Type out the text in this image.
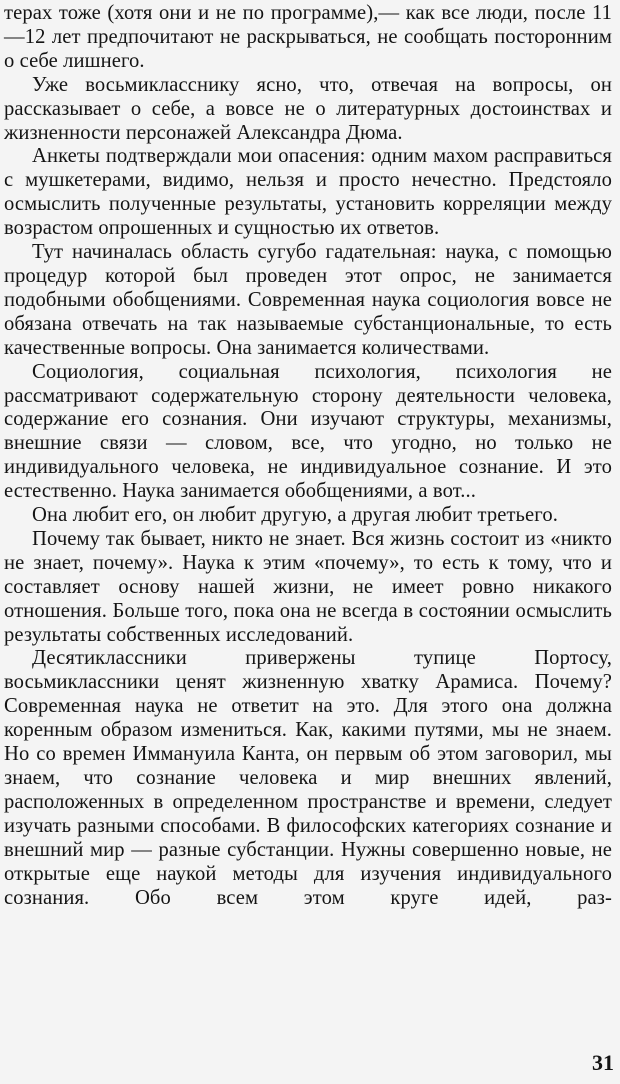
терах тоже (хотя они и не по программе),— как все люди, после 11—12 лет предпочитают не раскрываться, не сообщать посторонним о себе лишнего.

Уже восьмикласснику ясно, что, отвечая на вопросы, он рассказывает о себе, а вовсе не о литературных достоинствах и жизненности персонажей Александра Дюма.

Анкеты подтверждали мои опасения: одним махом расправиться с мушкетерами, видимо, нельзя и просто нечестно. Предстояло осмыслить полученные результаты, установить корреляции между возрастом опрошенных и сущностью их ответов.

Тут начиналась область сугубо гадательная: наука, с помощью процедур которой был проведен этот опрос, не занимается подобными обобщениями. Современная наука социология вовсе не обязана отвечать на так называемые субстанциональные, то есть качественные вопросы. Она занимается количествами.

Социология, социальная психология, психология не рассматривают содержательную сторону деятельности человека, содержание его сознания. Они изучают структуры, механизмы, внешние связи — словом, все, что угодно, но только не индивидуального человека, не индивидуальное сознание. И это естественно. Наука занимается обобщениями, а вот...

Она любит его, он любит другую, а другая любит третьего.

Почему так бывает, никто не знает. Вся жизнь состоит из «никто не знает, почему». Наука к этим «почему», то есть к тому, что и составляет основу нашей жизни, не имеет ровно никакого отношения. Больше того, пока она не всегда в состоянии осмыслить результаты собственных исследований.

Десятиклассники привержены тупице Портосу, восьмиклассники ценят жизненную хватку Арамиса. Почему? Современная наука не ответит на это. Для этого она должна коренным образом измениться. Как, какими путями, мы не знаем. Но со времен Иммануила Канта, он первым об этом заговорил, мы знаем, что сознание человека и мир внешних явлений, расположенных в определенном пространстве и времени, следует изучать разными способами. В философских категориях сознание и внешний мир — разные субстанции. Нужны совершенно новые, не открытые еще наукой методы для изучения индивидуального сознания. Обо всем этом круге идей, раз-

31
